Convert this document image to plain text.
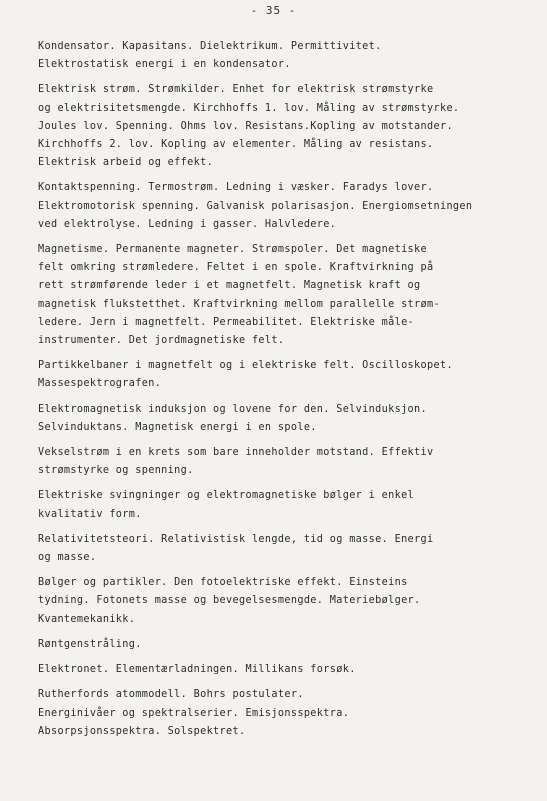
- 35 -
Kondensator. Kapasitans. Dielektrikum. Permittivitet.
Elektrostatisk energi i en kondensator.
Elektrisk strøm. Strømkilder. Enhet for elektrisk strømstyrke
og elektrisitetsmengde. Kirchhoffs 1. lov. Måling av strømstyrke.
Joules lov. Spenning. Ohms lov. Resistans.Kopling av motstander.
Kirchhoffs 2. lov. Kopling av elementer. Måling av resistans.
Elektrisk arbeid og effekt.
Kontaktspenning. Termostrøm. Ledning i væsker. Faradys lover.
Elektromotorisk spenning. Galvanisk polarisasjon. Energiomsetningen
ved elektrolyse. Ledning i gasser. Halvledere.
Magnetisme. Permanente magneter. Strømspoler. Det magnetiske
felt omkring strømledere. Feltet i en spole. Kraftvirkning på
rett strømførende leder i et magnetfelt. Magnetisk kraft og
magnetisk flukstetthet. Kraftvirkning mellom parallelle strøm-
ledere. Jern i magnetfelt. Permeabilitet. Elektriske måle-
instrumenter. Det jordmagnetiske felt.
Partikkelbaner i magnetfelt og i elektriske felt. Oscilloskopet.
Massespektrografen.
Elektromagnetisk induksjon og lovene for den. Selvinduksjon.
Selvinduktans. Magnetisk energi i en spole.
Vekselstrøm i en krets som bare inneholder motstand. Effektiv
strømstyrke og spenning.
Elektriske svingninger og elektromagnetiske bølger i enkel
kvalitativ form.
Relativitetsteori. Relativistisk lengde, tid og masse. Energi
og masse.
Bølger og partikler. Den fotoelektriske effekt. Einsteins
tydning. Fotonets masse og bevegelsesmengde. Materiebølger.
Kvantemekanikk.
Røntgenstråling.
Elektronet. Elementærladningen. Millikans forsøk.
Rutherfords atommodell. Bohrs postulater.
Energinivåer og spektralserier. Emisjonsspektra.
Absorpsjonsspektra. Solspektret.
